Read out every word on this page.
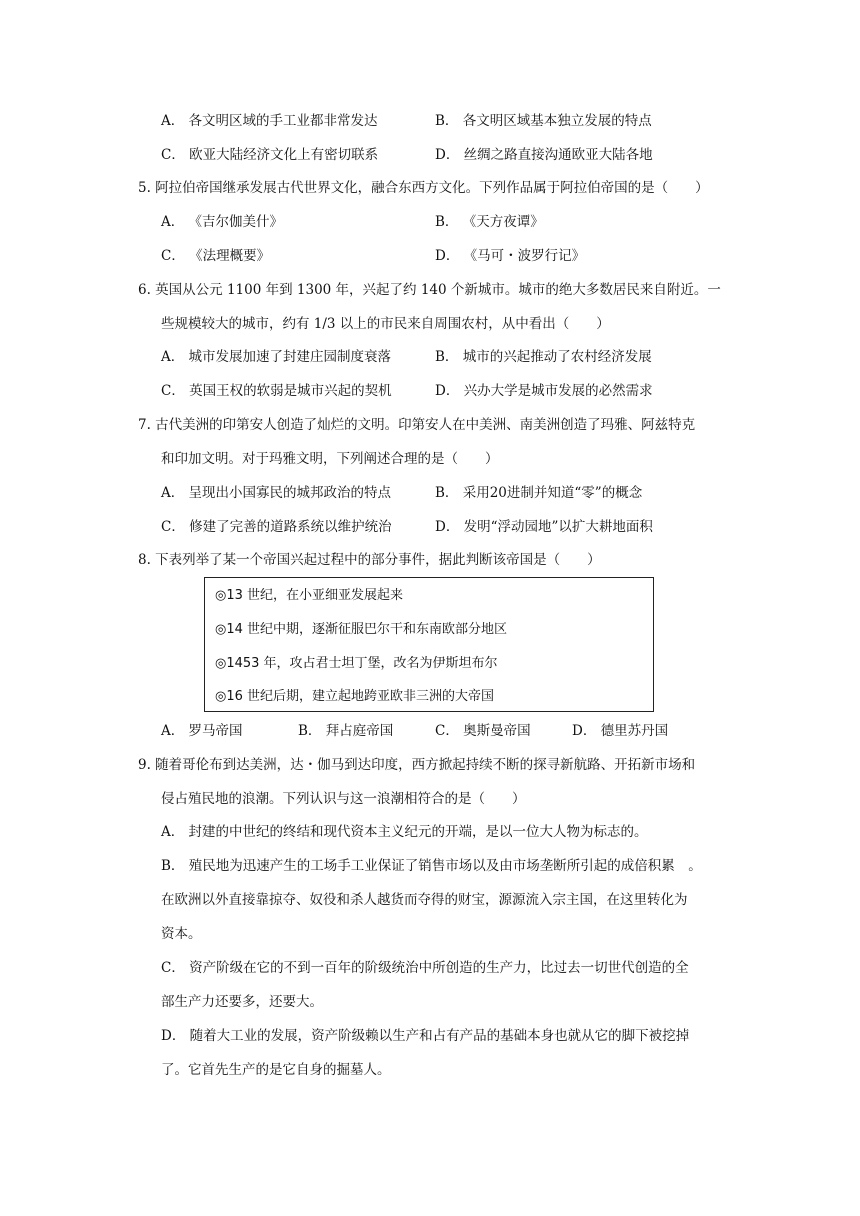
A． 各文明区域的手工业都非常发达	B． 各文明区域基本独立发展的特点
C． 欧亚大陆经济文化上有密切联系	D． 丝绸之路直接沟通欧亚大陆各地
5. 阿拉伯帝国继承发展古代世界文化，融合东西方文化。下列作品属于阿拉伯帝国的是（　　）
A． 《吉尔伽美什》	B． 《天方夜谭》
C． 《法理概要》	D． 《马可・波罗行记》
6. 英国从公元 1100 年到 1300 年，兴起了约 140 个新城市。城市的绝大多数居民来自附近。一
些规模较大的城市，约有 1/3 以上的市民来自周围农村，从中看出（　　）
A． 城市发展加速了封建庄园制度衰落	B． 城市的兴起推动了农村经济发展
C． 英国王权的软弱是城市兴起的契机	D． 兴办大学是城市发展的必然需求
7. 古代美洲的印第安人创造了灿烂的文明。印第安人在中美洲、南美洲创造了玛雅、阿兹特克
和印加文明。对于玛雅文明，下列阐述合理的是（　　）
A． 呈现出小国寡民的城邦政治的特点	B． 采用20进制并知道“零”的概念
C． 修建了完善的道路系统以维护统治	D． 发明“浮动园地”以扩大耕地面积
8. 下表列举了某一个帝国兴起过程中的部分事件，据此判断该帝国是（　　）
◎13 世纪，在小亚细亚发展起来
◎14 世纪中期，逐渐征服巴尔干和东南欧部分地区
◎1453 年，攻占君士坦丁堡，改名为伊斯坦布尔
◎16 世纪后期，建立起地跨亚欧非三洲的大帝国
A． 罗马帝国	B． 拜占庭帝国	C． 奥斯曼帝国	D． 德里苏丹国
9. 随着哥伦布到达美洲，达・伽马到达印度，西方掀起持续不断的探寻新航路、开拓新市场和
侵占殖民地的浪潮。下列认识与这一浪潮相符合的是（　　）
A． 封建的中世纪的终结和现代资本主义纪元的开端，是以一位大人物为标志的。
B． 殖民地为迅速产生的工场手工业保证了销售市场以及由市场垄断所引起的成倍积累　。
在欧洲以外直接靠掠夺、奴役和杀人越货而夺得的财宝，源源流入宗主国，在这里转化为
资本。
C． 资产阶级在它的不到一百年的阶级统治中所创造的生产力，比过去一切世代创造的全
部生产力还要多，还要大。
D． 随着大工业的发展，资产阶级赖以生产和占有产品的基础本身也就从它的脚下被挖掉
了。它首先生产的是它自身的掘墓人。
